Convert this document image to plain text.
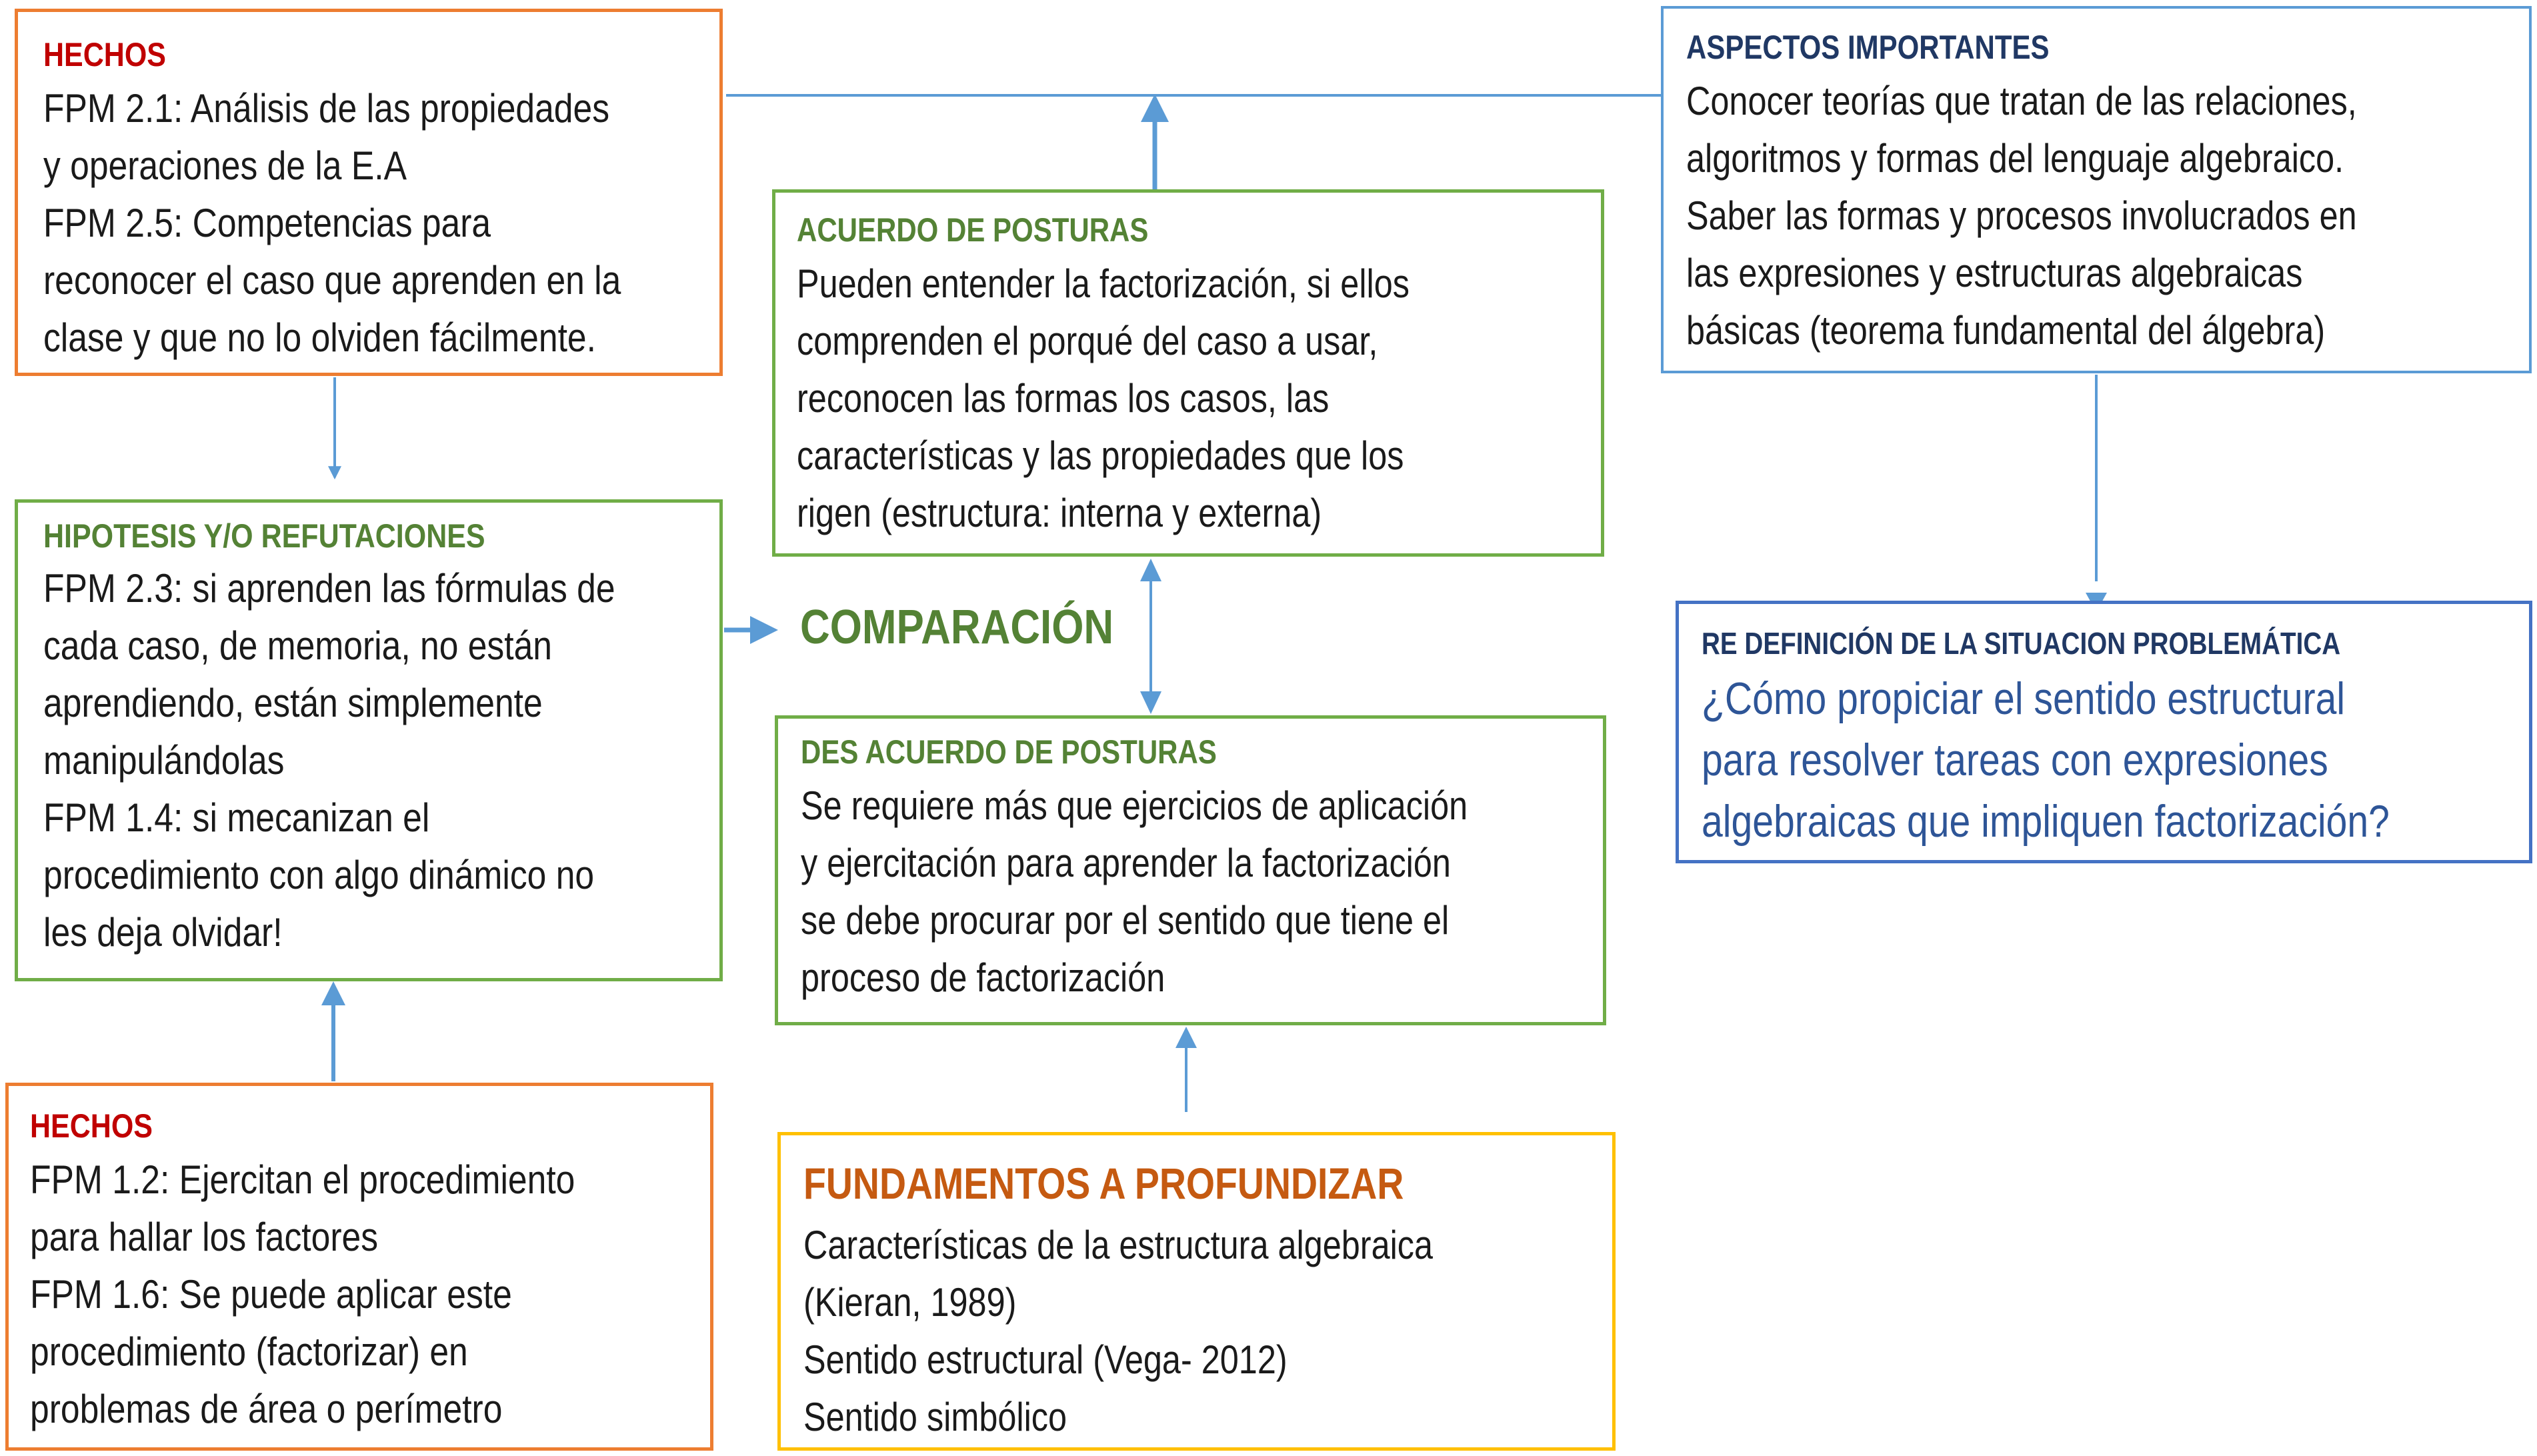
HECHOS
FPM 2.1: Análisis de las propiedades
y operaciones de la E.A
FPM 2.5: Competencias para
reconocer el caso que aprenden en la
clase y que no lo olviden fácilmente.
HIPOTESIS Y/O REFUTACIONES
FPM 2.3: si aprenden las fórmulas de
cada caso, de memoria, no están
aprendiendo, están simplemente
manipulándolas
FPM 1.4: si mecanizan el
procedimiento con algo dinámico no
les deja olvidar!
HECHOS
FPM 1.2: Ejercitan el procedimiento
para hallar los factores
FPM 1.6: Se puede aplicar este
procedimiento (factorizar) en
problemas de área o perímetro
ACUERDO DE POSTURAS
Pueden entender la factorización, si ellos
comprenden el porqué del caso a usar,
reconocen las formas los casos, las
características y las propiedades que los
rigen (estructura: interna y externa)
COMPARACIÓN
DES ACUERDO DE POSTURAS
Se requiere más que ejercicios de aplicación
y ejercitación para aprender la factorización
se debe procurar por el sentido que tiene el
proceso de factorización
FUNDAMENTOS A PROFUNDIZAR
Características de la estructura algebraica
(Kieran, 1989)
Sentido estructural (Vega- 2012)
Sentido simbólico
ASPECTOS IMPORTANTES
Conocer teorías que tratan de las relaciones,
algoritmos y formas del lenguaje algebraico.
Saber las formas y procesos involucrados en
las expresiones y estructuras algebraicas
básicas (teorema fundamental del álgebra)
RE DEFINICIÓN DE LA SITUACION PROBLEMÁTICA
¿Cómo propiciar el sentido estructural
para resolver tareas con expresiones
algebraicas que impliquen factorización?
